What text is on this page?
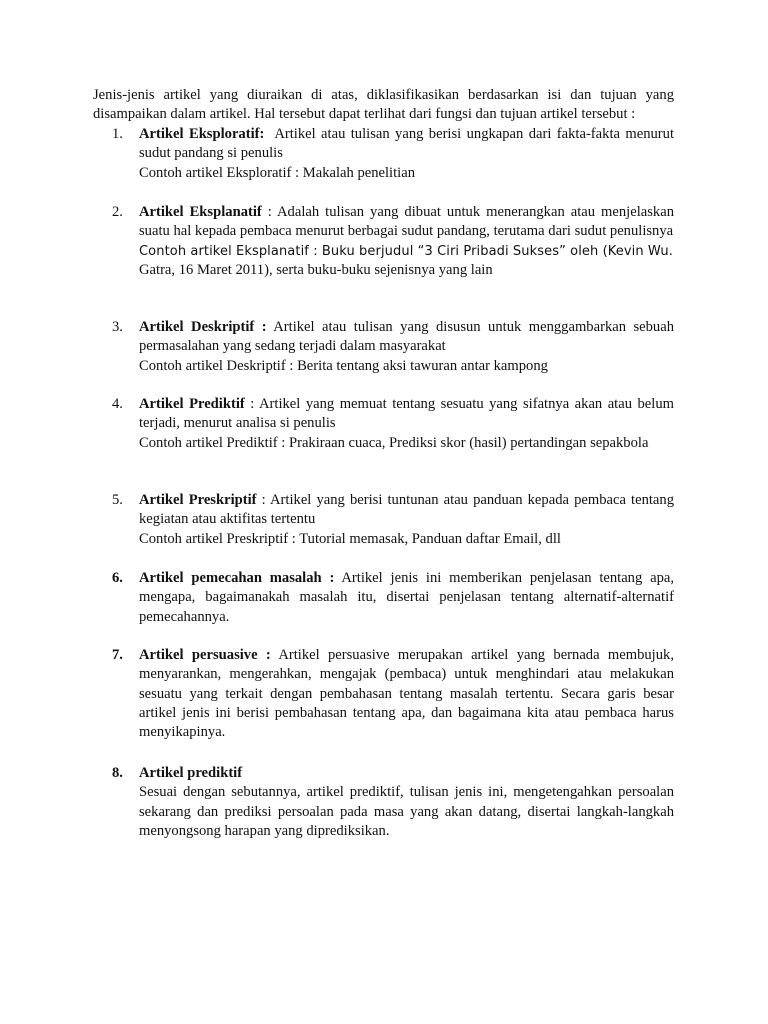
Jenis-jenis artikel yang diuraikan di atas, diklasifikasikan berdasarkan isi dan tujuan yang
disampaikan dalam artikel. Hal tersebut dapat terlihat dari fungsi dan tujuan artikel tersebut :

1.	Artikel Eksploratif: Artikel atau tulisan yang berisi ungkapan dari fakta-fakta menurut sudut pandang si penulis
Contoh artikel Eksploratif : Makalah penelitian
2.	Artikel Eksplanatif : Adalah tulisan yang dibuat untuk menerangkan atau menjelaskan suatu hal kepada pembaca menurut berbagai sudut pandang, terutama dari sudut penulisnya
Contoh artikel Eksplanatif : Buku berjudul “3 Ciri Pribadi Sukses” oleh (Kevin Wu.
Gatra, 16 Maret 2011), serta buku-buku sejenisnya yang lain
3.	Artikel Deskriptif : Artikel atau tulisan yang disusun untuk menggambarkan sebuah permasalahan yang sedang terjadi dalam masyarakat
Contoh artikel Deskriptif : Berita tentang aksi tawuran antar kampong
4.	Artikel Prediktif : Artikel yang memuat tentang sesuatu yang sifatnya akan atau belum terjadi, menurut analisa si penulis
Contoh artikel Prediktif : Prakiraan cuaca, Prediksi skor (hasil) pertandingan sepakbola
5.	Artikel Preskriptif : Artikel yang berisi tuntunan atau panduan kepada pembaca tentang kegiatan atau aktifitas tertentu
Contoh artikel Preskriptif : Tutorial memasak, Panduan daftar Email, dll
6.	Artikel pemecahan masalah : Artikel jenis ini memberikan penjelasan tentang apa, mengapa, bagaimanakah masalah itu, disertai penjelasan tentang alternatif-alternatif pemecahannya.
7.	Artikel persuasive : Artikel persuasive merupakan artikel yang bernada membujuk, menyarankan, mengerahkan, mengajak (pembaca) untuk menghindari atau melakukan sesuatu yang terkait dengan pembahasan tentang masalah tertentu. Secara garis besar artikel jenis ini berisi pembahasan tentang apa, dan bagaimana kita atau pembaca harus menyikapinya.
8.	Artikel prediktif
Sesuai dengan sebutannya, artikel prediktif, tulisan jenis ini, mengetengahkan persoalan sekarang dan prediksi persoalan pada masa yang akan datang, disertai langkah-langkah menyongsong harapan yang diprediksikan.
